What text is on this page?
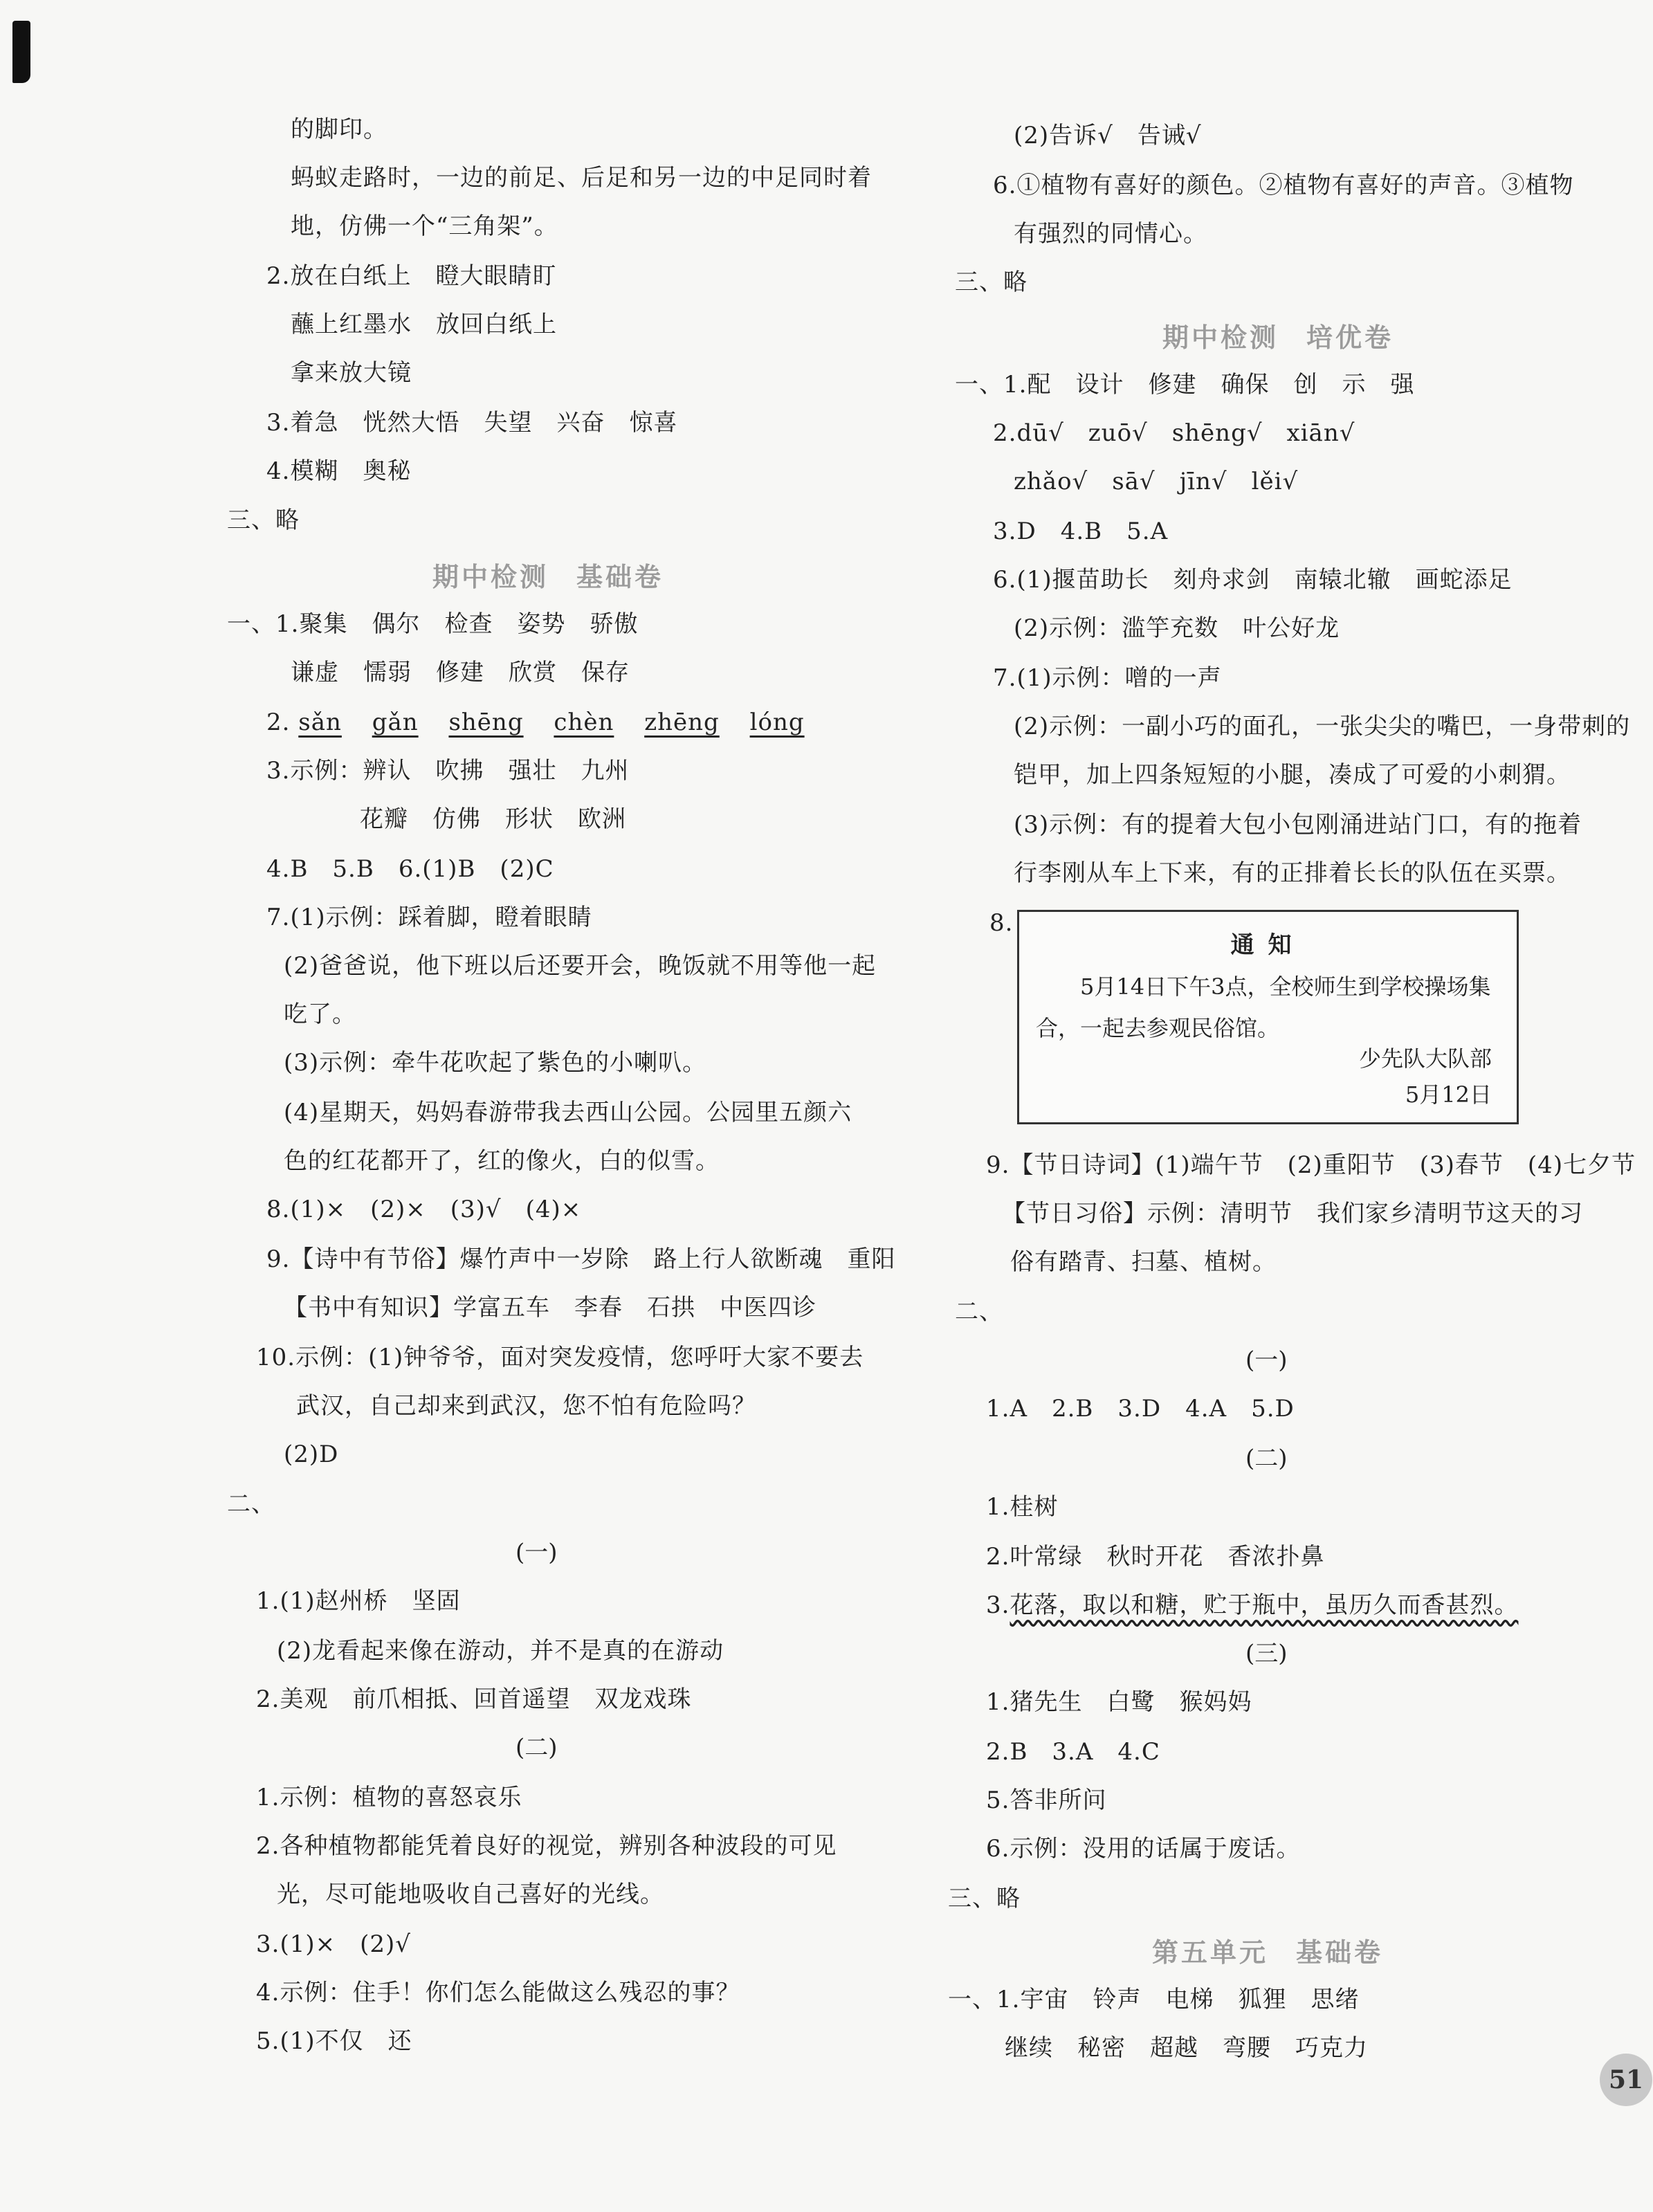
的脚印。
蚂蚁走路时，一边的前足、后足和另一边的中足同时着
地，仿佛一个“三角架”。
2.放在白纸上　瞪大眼睛盯
蘸上红墨水　放回白纸上
拿来放大镜
3.着急　恍然大悟　失望　兴奋　惊喜
4.模糊　奥秘
三、略
期中检测 基础卷
一、1.聚集　偶尔　检查　姿势　骄傲
谦虚　懦弱　修建　欣赏　保存
2. sǎn gǎn shēng chèn zhēng lóng
3.示例：辨认　吹拂　强壮　九州
花瓣　仿佛　形状　欧洲
4.B　5.B　6.(1)B　(2)C
7.(1)示例：踩着脚，瞪着眼睛
(2)爸爸说，他下班以后还要开会，晚饭就不用等他一起
吃了。
(3)示例：牵牛花吹起了紫色的小喇叭。
(4)星期天，妈妈春游带我去西山公园。公园里五颜六
色的红花都开了，红的像火，白的似雪。
8.(1)×　(2)×　(3)√　(4)×
9.【诗中有节俗】爆竹声中一岁除　路上行人欲断魂　重阳
【书中有知识】学富五车　李春　石拱　中医四诊
10.示例：(1)钟爷爷，面对突发疫情，您呼吁大家不要去
武汉，自己却来到武汉，您不怕有危险吗？
(2)D
二、
(一)
1.(1)赵州桥　坚固
(2)龙看起来像在游动，并不是真的在游动
2.美观　前爪相抵、回首遥望　双龙戏珠
(二)
1.示例：植物的喜怒哀乐
2.各种植物都能凭着良好的视觉，辨别各种波段的可见
光，尽可能地吸收自己喜好的光线。
3.(1)×　(2)√
4.示例：住手！你们怎么能做这么残忍的事？
5.(1)不仅　还
(2)告诉√　告诫√
6.①植物有喜好的颜色。②植物有喜好的声音。③植物
有强烈的同情心。
三、略
期中检测 培优卷
一、1.配　设计　修建　确保　创　示　强
2.dū√　zuō√　shēng√　xiān√
zhǎo√　sā√　jīn√　lěi√
3.D　4.B　5.A
6.(1)揠苗助长　刻舟求剑　南辕北辙　画蛇添足
(2)示例：滥竽充数　叶公好龙
7.(1)示例：噌的一声
(2)示例：一副小巧的面孔，一张尖尖的嘴巴，一身带刺的
铠甲，加上四条短短的小腿，凑成了可爱的小刺猬。
(3)示例：有的提着大包小包刚涌进站门口，有的拖着
行李刚从车上下来，有的正排着长长的队伍在买票。
8.
通知
5月14日下午3点，全校师生到学校操场集合，一起去参观民俗馆。
少先队大队部
5月12日
9.【节日诗词】(1)端午节　(2)重阳节　(3)春节　(4)七夕节
【节日习俗】示例：清明节　我们家乡清明节这天的习
俗有踏青、扫墓、植树。
二、
(一)
1.A　2.B　3.D　4.A　5.D
(二)
1.桂树
2.叶常绿　秋时开花　香浓扑鼻
3.花落，取以和糖，贮于瓶中，虽历久而香甚烈。
(三)
1.猪先生　白鹭　猴妈妈
2.B　3.A　4.C
5.答非所问
6.示例：没用的话属于废话。
三、略
第五单元 基础卷
一、1.宇宙　铃声　电梯　狐狸　思绪
继续　秘密　超越　弯腰　巧克力
51
